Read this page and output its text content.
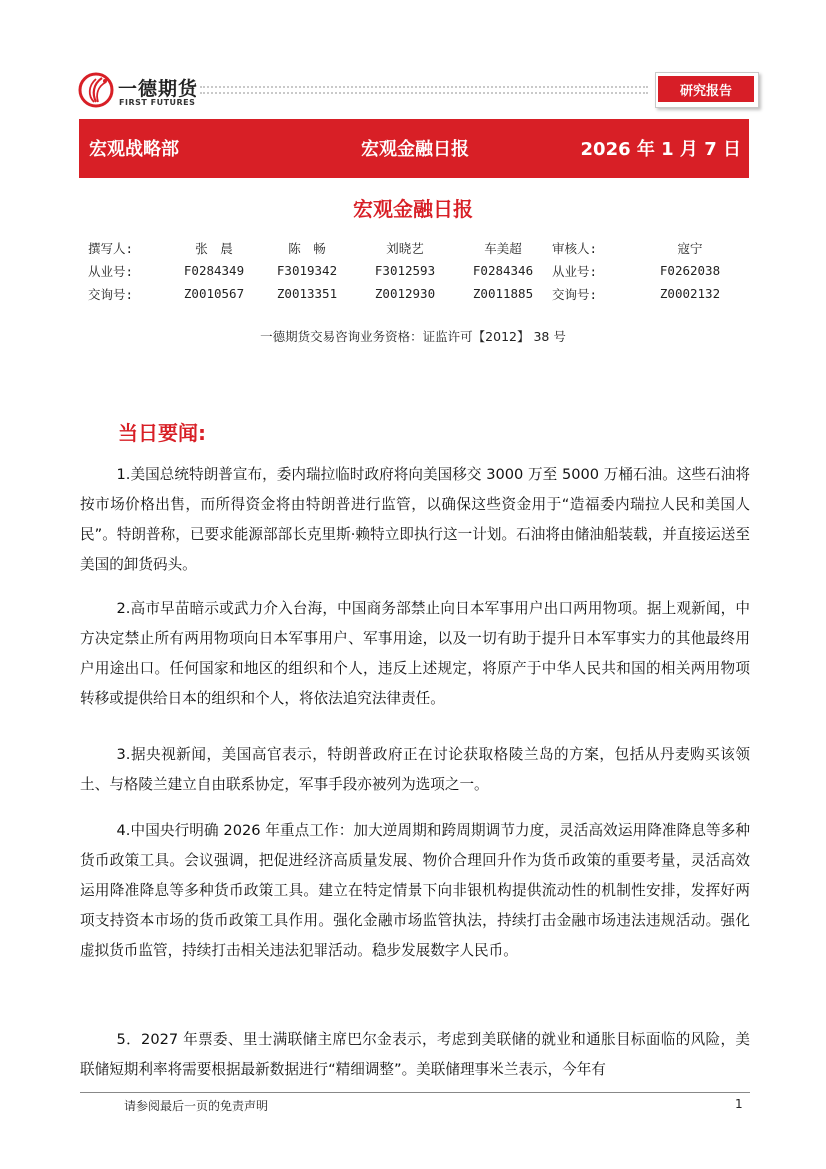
一德期货
FIRST FUTURES
研究报告
宏观战略部	宏观金融日报	2026 年 1 月 7 日
宏观金融日报
撰写人:	张　晨	陈　畅	刘晓艺	车美超	审核人:	寇宁
从业号:	F0284349	F3019342	F3012593	F0284346	从业号:	F0262038
交询号:	Z0010567	Z0013351	Z0012930	Z0011885	交询号:	Z0002132
一德期货交易咨询业务资格：证监许可【2012】 38 号
当日要闻:

1.美国总统特朗普宣布，委内瑞拉临时政府将向美国移交 3000 万至 5000 万桶石油。这些石油将按市场价格出售，而所得资金将由特朗普进行监管，以确保这些资金用于“造福委内瑞拉人民和美国人民”。特朗普称，已要求能源部部长克里斯·赖特立即执行这一计划。石油将由储油船装载，并直接运送至美国的卸货码头。

2.高市早苗暗示或武力介入台海，中国商务部禁止向日本军事用户出口两用物项。据上观新闻，中方决定禁止所有两用物项向日本军事用户、军事用途，以及一切有助于提升日本军事实力的其他最终用户用途出口。任何国家和地区的组织和个人，违反上述规定，将原产于中华人民共和国的相关两用物项转移或提供给日本的组织和个人，将依法追究法律责任。

3.据央视新闻，美国高官表示，特朗普政府正在讨论获取格陵兰岛的方案，包括从丹麦购买该领土、与格陵兰建立自由联系协定，军事手段亦被列为选项之一。

4.中国央行明确 2026 年重点工作：加大逆周期和跨周期调节力度，灵活高效运用降准降息等多种货币政策工具。会议强调，把促进经济高质量发展、物价合理回升作为货币政策的重要考量，灵活高效运用降准降息等多种货币政策工具。建立在特定情景下向非银机构提供流动性的机制性安排，发挥好两项支持资本市场的货币政策工具作用。强化金融市场监管执法，持续打击金融市场违法违规活动。强化虚拟货币监管，持续打击相关违法犯罪活动。稳步发展数字人民币。

5．2027 年票委、里士满联储主席巴尔金表示，考虑到美联储的就业和通胀目标面临的风险，美联储短期利率将需要根据最新数据进行“精细调整”。美联储理事米兰表示，今年有

请参阅最后一页的免责声明	1
